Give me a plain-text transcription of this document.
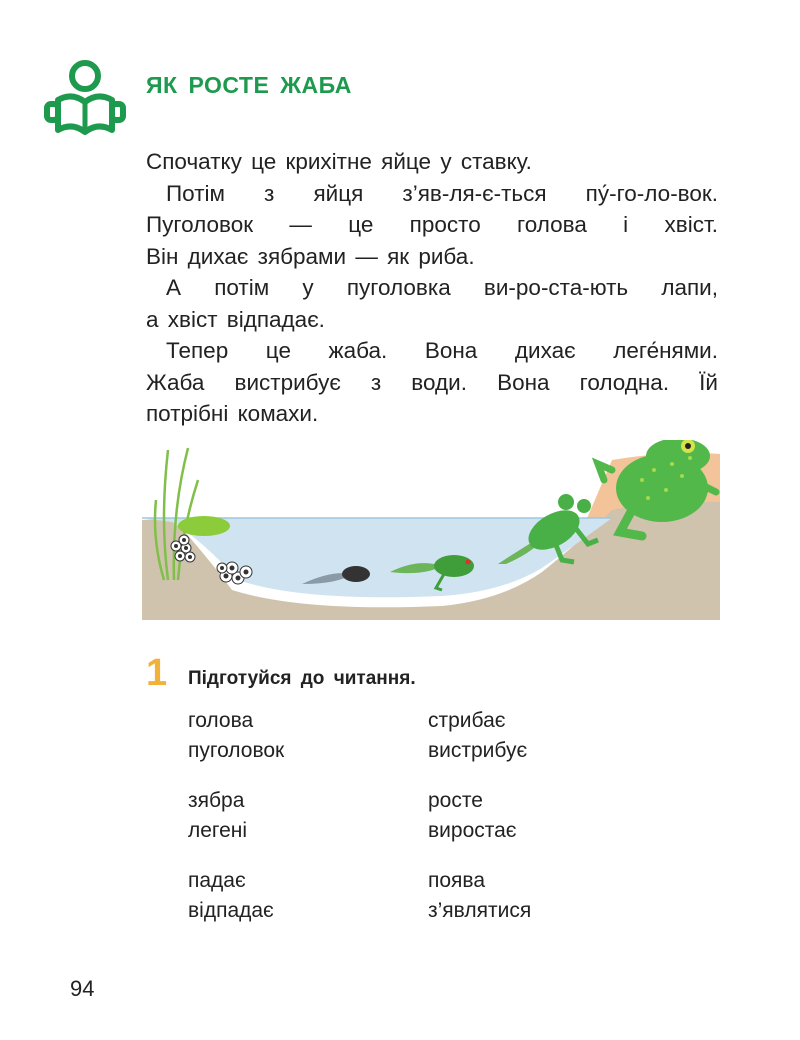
ЯК РОСТЕ ЖАБА

Спочатку це крихітне яйце у ставку.

Потім з яйця з’яв-ля-є-ться пу́-го-ло-вок.

Пуголовок — це просто голова і хвіст.

Він дихає зябрами — як риба.

А потім у пуголовка ви-ро-ста-ють лапи,

а хвіст відпадає.

Тепер це жаба. Вона дихає леге́нями.

Жаба вистрибує з води. Вона голодна. Їй

потрібні комахи.

1 Підготуйся до читання.
голова
пуголовок
зябра
легені
падає
відпадає
стрибає
вистрибує
росте
виростає
поява
з’являтися
94
